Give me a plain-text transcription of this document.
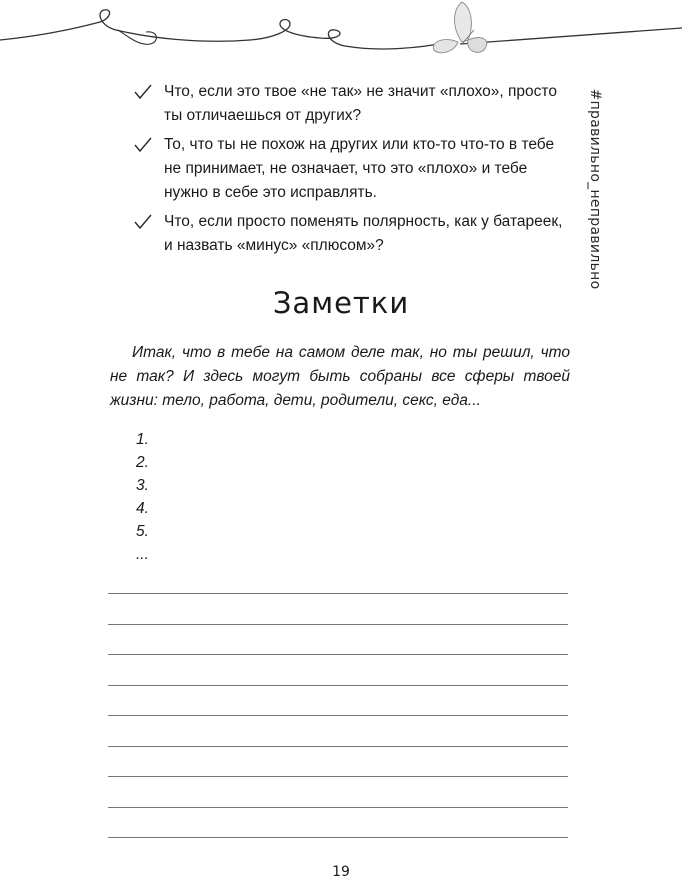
#правильно_неправильно
Что, если это твое «не так» не значит «плохо», просто ты отличаешься от других?
То, что ты не похож на других или кто-то что-то в тебе не принимает, не означает, что это «плохо» и тебе нужно в себе это исправлять.
Что, если просто поменять полярность, как у батареек, и назвать «минус» «плюсом»?
Заметки
Итак, что в тебе на самом деле так, но ты решил, что не так? И здесь могут быть собраны все сферы твоей жизни: тело, работа, дети, родители, секс, еда...
1.
2.
3.
4.
5.
...
19
